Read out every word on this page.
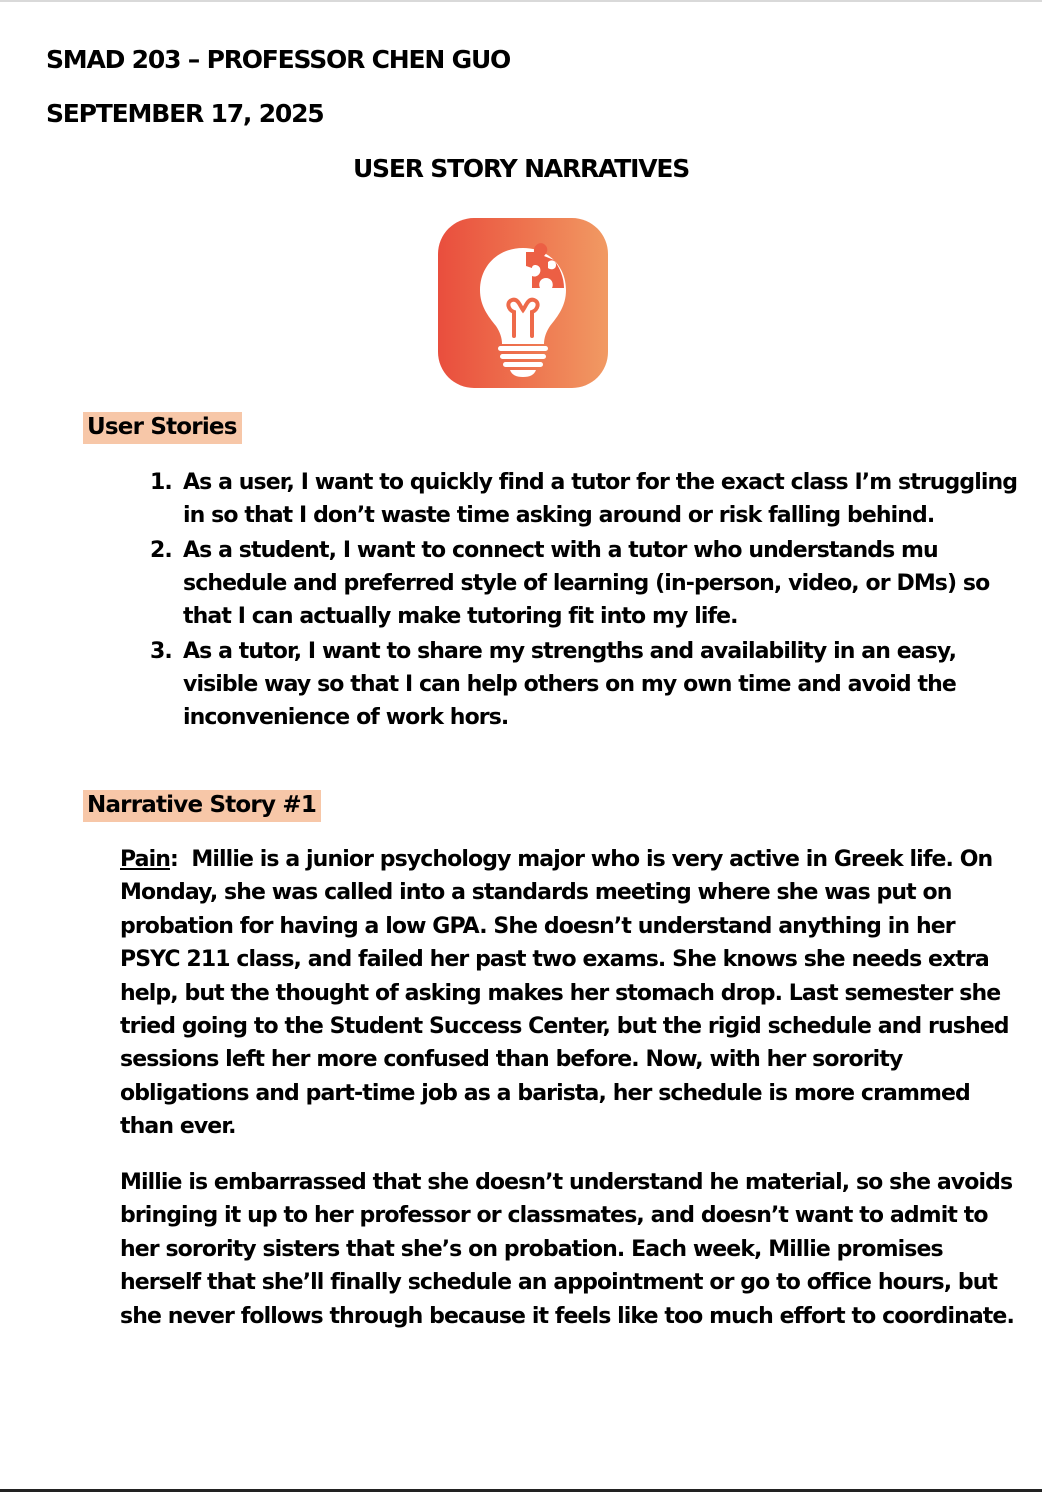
SMAD 203 – PROFESSOR CHEN GUO
SEPTEMBER 17, 2025
USER STORY NARRATIVES
User Stories
1. As a user, I want to quickly find a tutor for the exact class I’m struggling in so that I don’t waste time asking around or risk falling behind.
2. As a student, I want to connect with a tutor who understands mu schedule and preferred style of learning (in-person, video, or DMs) so that I can actually make tutoring fit into my life.
3. As a tutor, I want to share my strengths and availability in an easy, visible way so that I can help others on my own time and avoid the inconvenience of work hors.
Narrative Story #1

Pain:  Millie is a junior psychology major who is very active in Greek life. On Monday, she was called into a standards meeting where she was put on probation for having a low GPA. She doesn’t understand anything in her PSYC 211 class, and failed her past two exams. She knows she needs extra help, but the thought of asking makes her stomach drop. Last semester she tried going to the Student Success Center, but the rigid schedule and rushed sessions left her more confused than before. Now, with her sorority obligations and part-time job as a barista, her schedule is more crammed than ever.

Millie is embarrassed that she doesn’t understand he material, so she avoids bringing it up to her professor or classmates, and doesn’t want to admit to her sorority sisters that she’s on probation. Each week, Millie promises herself that she’ll finally schedule an appointment or go to office hours, but she never follows through because it feels like too much effort to coordinate.
